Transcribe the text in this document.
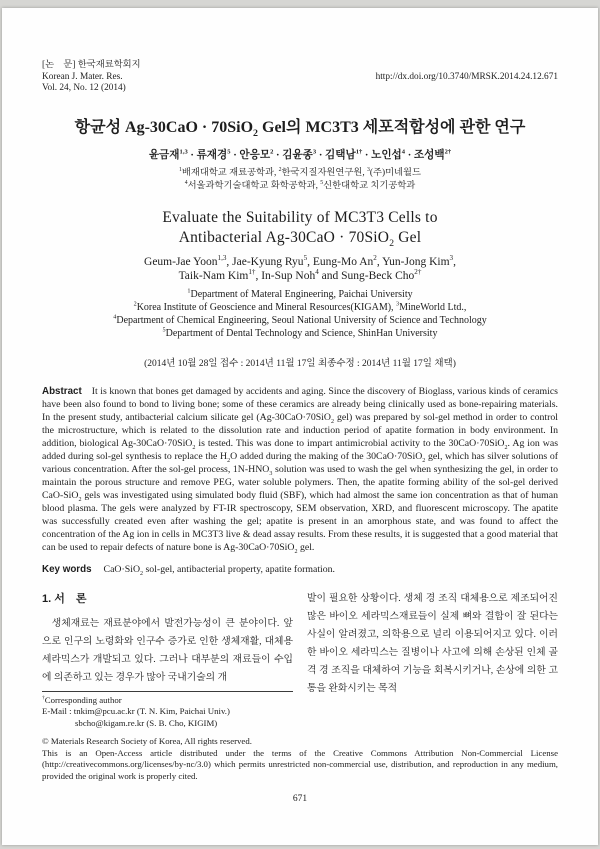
[논　문] 한국재료학회지
Korean J. Mater. Res.
Vol. 24, No. 12 (2014)
http://dx.doi.org/10.3740/MRSK.2014.24.12.671
항균성 Ag-30CaO · 70SiO$_2$ Gel의 MC3T3 세포적합성에 관한 연구
윤금재$^{1,3}$ · 류재경$^5$ · 안응모$^2$ · 김윤종$^3$ · 김택남$^{1\dagger}$ · 노인섭$^4$ · 조성백$^{2\dagger}$
$^1$배재대학교 재료공학과, $^2$한국지질자원연구원, $^3$(주)미네월드
$^4$서울과학기술대학교 화학공학과, $^5$신한대학교 치기공학과
Evaluate the Suitability of MC3T3 Cells to
Antibacterial Ag-30CaO · 70SiO$_2$ Gel
Geum-Jae Yoon$^{1,3}$, Jae-Kyung Ryu$^5$, Eung-Mo An$^2$, Yun-Jong Kim$^3$,
Taik-Nam Kim$^{1\dagger}$, In-Sup Noh$^4$ and Sung-Beck Cho$^{2\dagger}$
$^1$Department of Materal Engineering, Paichai University
$^2$Korea Institute of Geoscience and Mineral Resources(KIGAM), $^3$MineWorld Ltd.,
$^4$Department of Chemical Engineering, Seoul National University of Science and Technology
$^5$Department of Dental Technology and Science, ShinHan University
(2014년 10월 28일 접수 : 2014년 11월 17일 최종수정 : 2014년 11월 17일 채택)
Abstract It is known that bones get damaged by accidents and aging. Since the discovery of Bioglass, various kinds of ceramics have been also found to bond to living bone; some of these ceramics are already being clinically used as bone-repairing materials. In the present study, antibacterial calcium silicate gel (Ag-30CaO·70SiO$_2$ gel) was prepared by sol-gel method in order to control the microstructure, which is related to the dissolution rate and induction period of apatite formation in body environment. In addition, biological Ag-30CaO·70SiO$_2$ is tested. This was done to impart antimicrobial activity to the 30CaO·70SiO$_2$. Ag ion was added during sol-gel synthesis to replace the $H_2O$ added during the making of the 30CaO·70SiO$_2$ gel, which has silver solutions of various concentration. After the sol-gel process, $1N-HNO_3$ solution was used to wash the gel when synthesizing the gel, in order to maintain the porous structure and remove PEG, water soluble polymers. Then, the apatite forming ability of the sol-gel derived CaO-SiO$_2$ gels was investigated using simulated body fluid (SBF), which had almost the same ion concentration as that of human blood plasma. The gels were analyzed by FT-IR spectroscopy, SEM observation, XRD, and fluorescent microscopy. The apatite was successfully created even after washing the gel; apatite is present in an amorphous state, and was found to affect the concentration of the Ag ion in cells in MC3T3 live & dead assay results. From these results, it is suggested that a good material that can be used to repair defects of nature bone is Ag-30CaO·70SiO$_2$ gel.
Key words CaO·SiO$_2$ sol-gel, antibacterial property, apatite formation.
1. 서　론

생체재료는 재료분야에서 발전가능성이 큰 분야이다. 앞으로 인구의 노령화와 인구수 증가로 인한 생체재활, 대체용 세라믹스가 개발되고 있다. 그러나 대부분의 재료들이 수입에 의존하고 있는 경우가 많아 국내기술의 개

†Corresponding author
E-Mail : tnkim@pcu.ac.kr (T. N. Kim, Paichai Univ.)
sbcho@kigam.re.kr (S. B. Cho, KIGIM)

발이 필요한 상황이다. 생체 경 조직 대체용으로 제조되어진 많은 바이오 세라믹스재료들이 실제 뼈와 결합이 잘 된다는 사실이 알려졌고, 의학용으로 널리 이용되어지고 있다. 이러한 바이오 세라믹스는 질병이나 사고에 의해 손상된 인체 골격 경 조직을 대체하여 기능을 회복시키거나, 손상에 의한 고통을 완화시키는 목적

© Materials Research Society of Korea, All rights reserved.
This is an Open-Access article distributed under the terms of the Creative Commons Attribution Non-Commercial License (http://creativecommons.org/licenses/by-nc/3.0) which permits unrestricted non-commercial use, distribution, and reproduction in any medium, provided the original work is properly cited.
671
